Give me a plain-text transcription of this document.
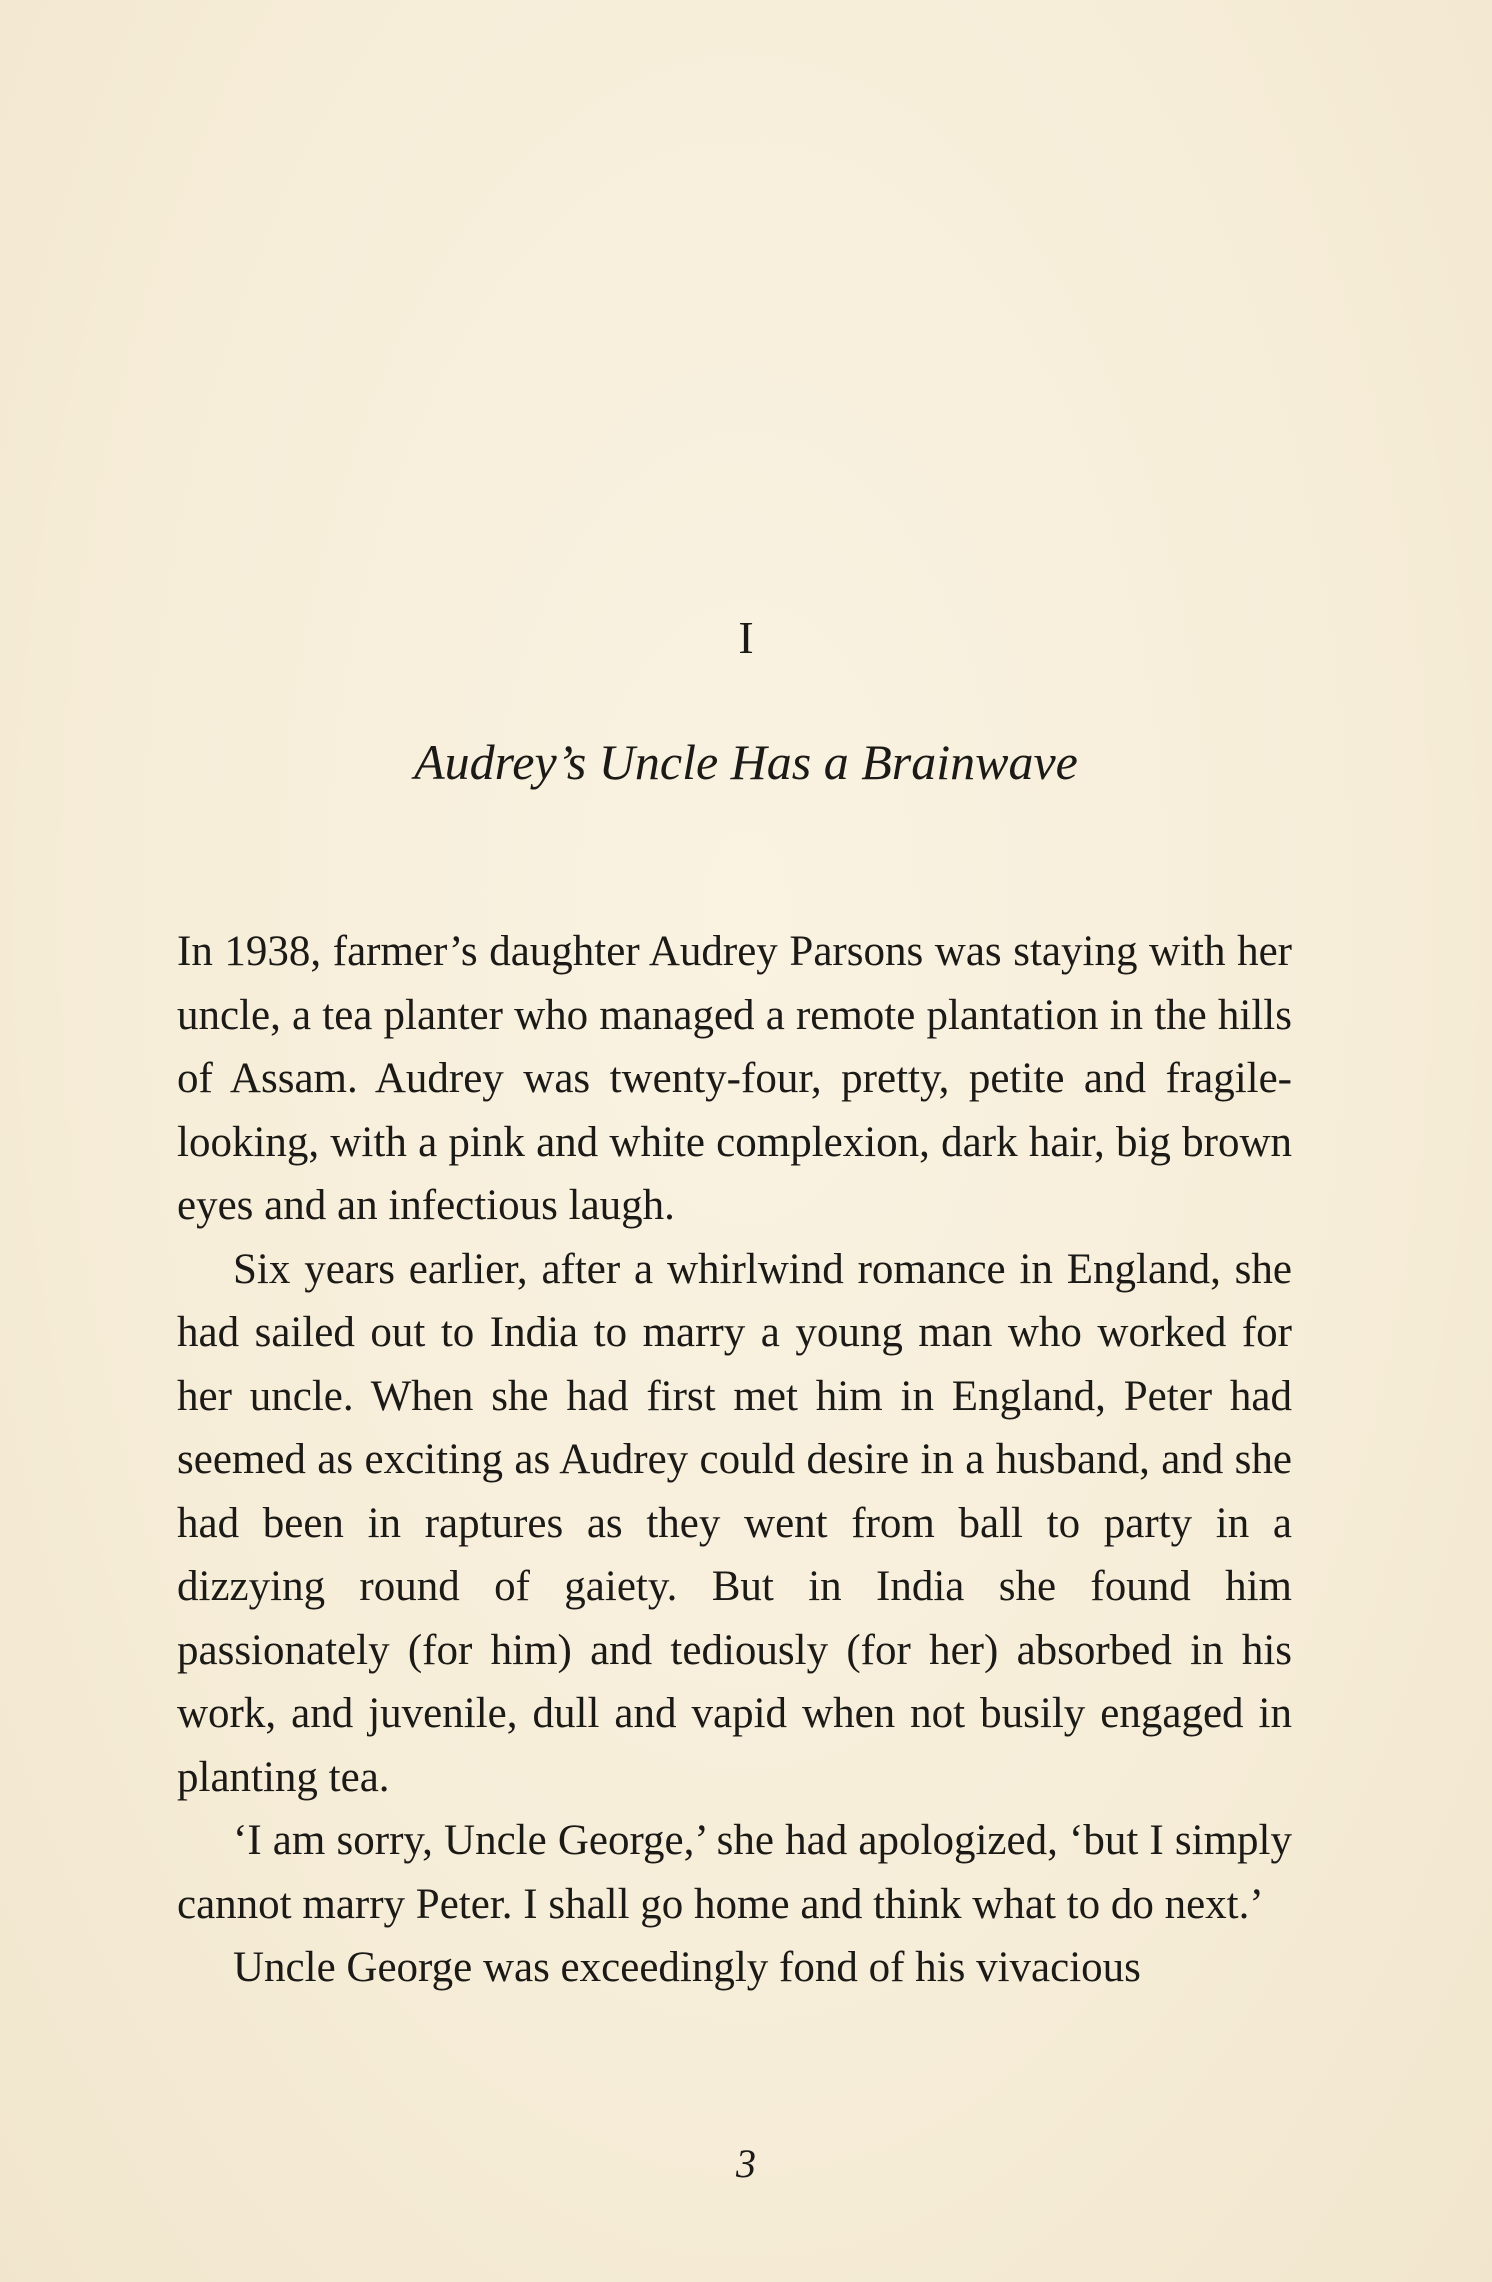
I
Audrey’s Uncle Has a Brainwave

In 1938, farmer’s daughter Audrey Parsons was staying with her uncle, a tea planter who managed a remote plantation in the hills of Assam. Audrey was twenty-four, pretty, petite and fragile-looking, with a pink and white complexion, dark hair, big brown eyes and an infectious laugh.

Six years earlier, after a whirlwind romance in England, she had sailed out to India to marry a young man who worked for her uncle. When she had first met him in England, Peter had seemed as exciting as Audrey could desire in a husband, and she had been in raptures as they went from ball to party in a dizzying round of gaiety. But in India she found him passionately (for him) and tediously (for her) absorbed in his work, and juvenile, dull and vapid when not busily engaged in planting tea.

‘I am sorry, Uncle George,’ she had apologized, ‘but I simply cannot marry Peter. I shall go home and think what to do next.’

Uncle George was exceedingly fond of his vivacious

3
